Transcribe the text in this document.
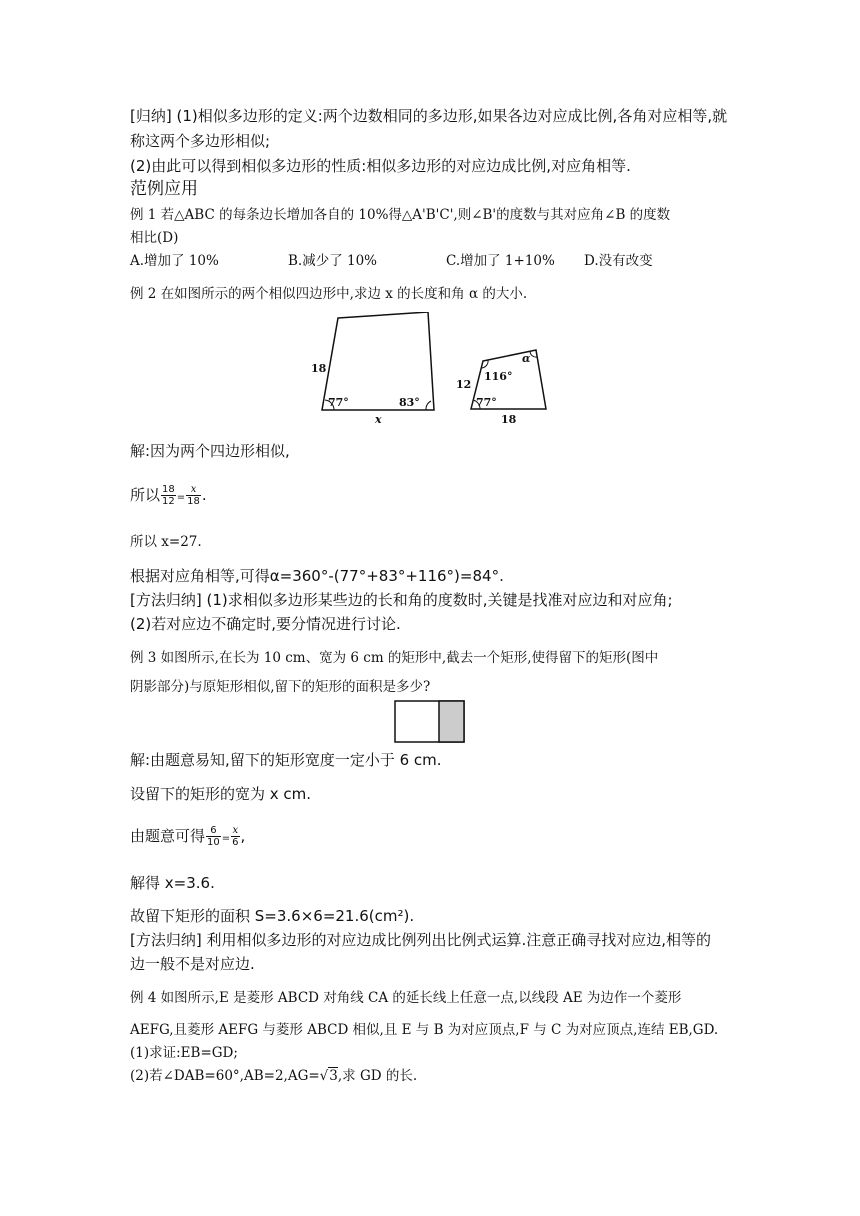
[归纳] (1)相似多边形的定义:两个边数相同的多边形,如果各边对应成比例,各角对应相等,就
称这两个多边形相似;
(2)由此可以得到相似多边形的性质:相似多边形的对应边成比例,对应角相等.
范例应用
例 1 若△ABC 的每条边长增加各自的 10%得△A'B'C',则∠B'的度数与其对应角∠B 的度数
相比(D)
A.增加了 10%	B.减少了 10%	C.增加了 1+10% D.没有改变
例 2 在如图所示的两个相似四边形中,求边 x 的长度和角 α 的大小.
18
77°	83°
x
12
77°
116°
α
18
解:因为两个四边形相似,
所以 $\frac{18}{12} = \frac{x}{18}$ .
所以 x=27.
根据对应角相等,可得α=360°-(77°+83°+116°)=84°.
[方法归纳] (1)求相似多边形某些边的长和角的度数时,关键是找准对应边和对应角;
(2)若对应边不确定时,要分情况进行讨论.
例 3 如图所示,在长为 10 cm、宽为 6 cm 的矩形中,截去一个矩形,使得留下的矩形(图中
阴影部分)与原矩形相似,留下的矩形的面积是多少?
解:由题意易知,留下的矩形宽度一定小于 6 cm.
设留下的矩形的宽为 x cm.
由题意可得 $\frac{6}{10} = \frac{x}{6}$ ,
解得 x=3.6.
故留下矩形的面积 S=3.6×6=21.6(cm²).
[方法归纳] 利用相似多边形的对应边成比例列出比例式运算.注意正确寻找对应边,相等的
边一般不是对应边.
例 4 如图所示,E 是菱形 ABCD 对角线 CA 的延长线上任意一点,以线段 AE 为边作一个菱形
AEFG,且菱形 AEFG 与菱形 ABCD 相似,且 E 与 B 为对应顶点,F 与 C 为对应顶点,连结 EB,GD.
(1)求证:EB=GD;
(2)若∠DAB=60°,AB=2,AG=√3,求 GD 的长.
